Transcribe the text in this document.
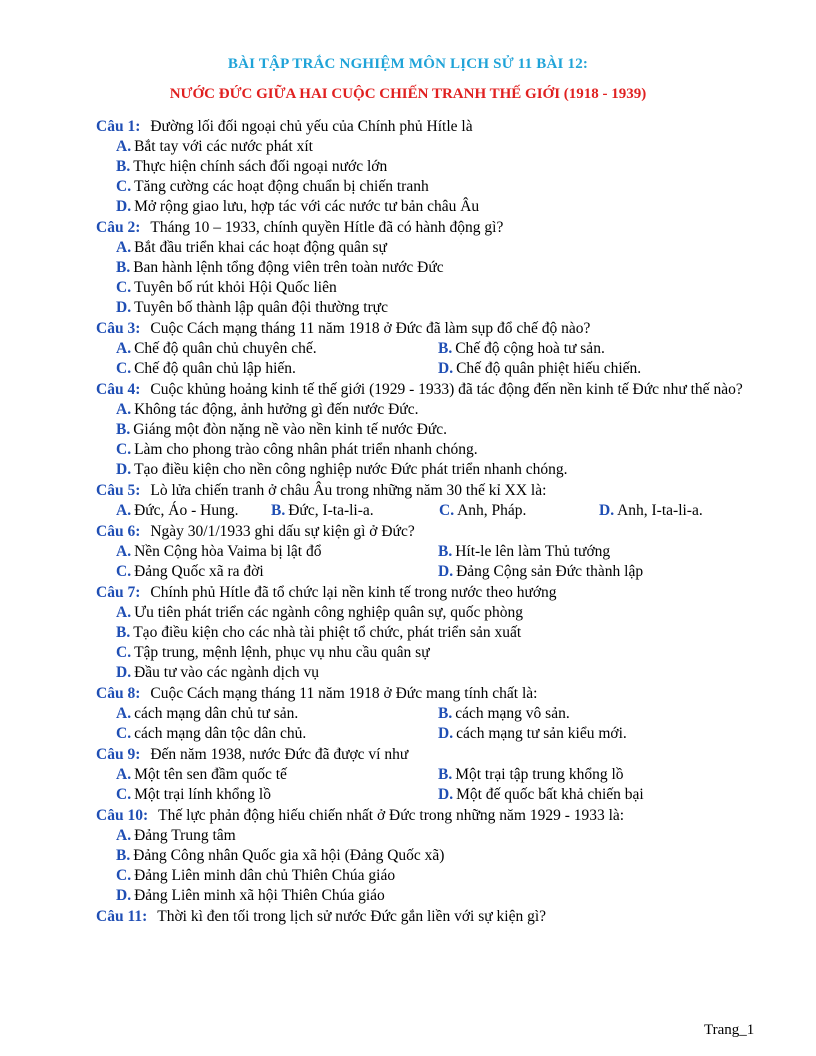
BÀI TẬP TRẮC NGHIỆM MÔN LỊCH SỬ 11 BÀI 12:
NƯỚC ĐỨC GIỮA HAI CUỘC CHIẾN TRANH THẾ GIỚI (1918 - 1939)
Câu 1: Đường lối đối ngoại chủ yếu của Chính phủ Hítle là
A. Bắt tay với các nước phát xít
B. Thực hiện chính sách đối ngoại nước lớn
C. Tăng cường các hoạt động chuẩn bị chiến tranh
D. Mở rộng giao lưu, hợp tác với các nước tư bản châu Âu
Câu 2: Tháng 10 – 1933, chính quyền Hítle đã có hành động gì?
A. Bắt đầu triển khai các hoạt động quân sự
B. Ban hành lệnh tổng động viên trên toàn nước Đức
C. Tuyên bố rút khỏi Hội Quốc liên
D. Tuyên bố thành lập quân đội thường trực
Câu 3: Cuộc Cách mạng tháng 11 năm 1918 ở Đức đã làm sụp đổ chế độ nào?
A. Chế độ quân chủ chuyên chế.	B. Chế độ cộng hoà tư sản.
C. Chế độ quân chủ lập hiến.	D. Chế độ quân phiệt hiếu chiến.
Câu 4: Cuộc khủng hoảng kinh tế thế giới (1929 - 1933) đã tác động đến nền kinh tế Đức như thế nào?
A. Không tác động, ảnh hưởng gì đến nước Đức.
B. Giáng một đòn nặng nề vào nền kinh tế nước Đức.
C. Làm cho phong trào công nhân phát triển nhanh chóng.
D. Tạo điều kiện cho nền công nghiệp nước Đức phát triển nhanh chóng.
Câu 5: Lò lửa chiến tranh ở châu Âu trong những năm 30 thế kỉ XX là:
A. Đức, Áo - Hung.	B. Đức, I-ta-li-a.	C. Anh, Pháp.	D. Anh, I-ta-li-a.
Câu 6: Ngày 30/1/1933 ghi dấu sự kiện gì ở Đức?
A. Nền Cộng hòa Vaima bị lật đổ	B. Hít-le lên làm Thủ tướng
C. Đảng Quốc xã ra đời	D. Đảng Cộng sản Đức thành lập
Câu 7: Chính phủ Hítle đã tổ chức lại nền kinh tế trong nước theo hướng
A. Ưu tiên phát triển các ngành công nghiệp quân sự, quốc phòng
B. Tạo điều kiện cho các nhà tài phiệt tổ chức, phát triển sản xuất
C. Tập trung, mệnh lệnh, phục vụ nhu cầu quân sự
D. Đầu tư vào các ngành dịch vụ
Câu 8: Cuộc Cách mạng tháng 11 năm 1918 ở Đức mang tính chất là:
A. cách mạng dân chủ tư sản.	B. cách mạng vô sản.
C. cách mạng dân tộc dân chủ.	D. cách mạng tư sản kiểu mới.
Câu 9: Đến năm 1938, nước Đức đã được ví như
A. Một tên sen đầm quốc tế	B. Một trại tập trung khổng lồ
C. Một trại lính khổng lồ	D. Một đế quốc bất khả chiến bại
Câu 10: Thế lực phản động hiếu chiến nhất ở Đức trong những năm 1929 - 1933 là:
A. Đảng Trung tâm
B. Đảng Công nhân Quốc gia xã hội (Đảng Quốc xã)
C. Đảng Liên minh dân chủ Thiên Chúa giáo
D. Đảng Liên minh xã hội Thiên Chúa giáo
Câu 11: Thời kì đen tối trong lịch sử nước Đức gắn liền với sự kiện gì?
Trang_1
